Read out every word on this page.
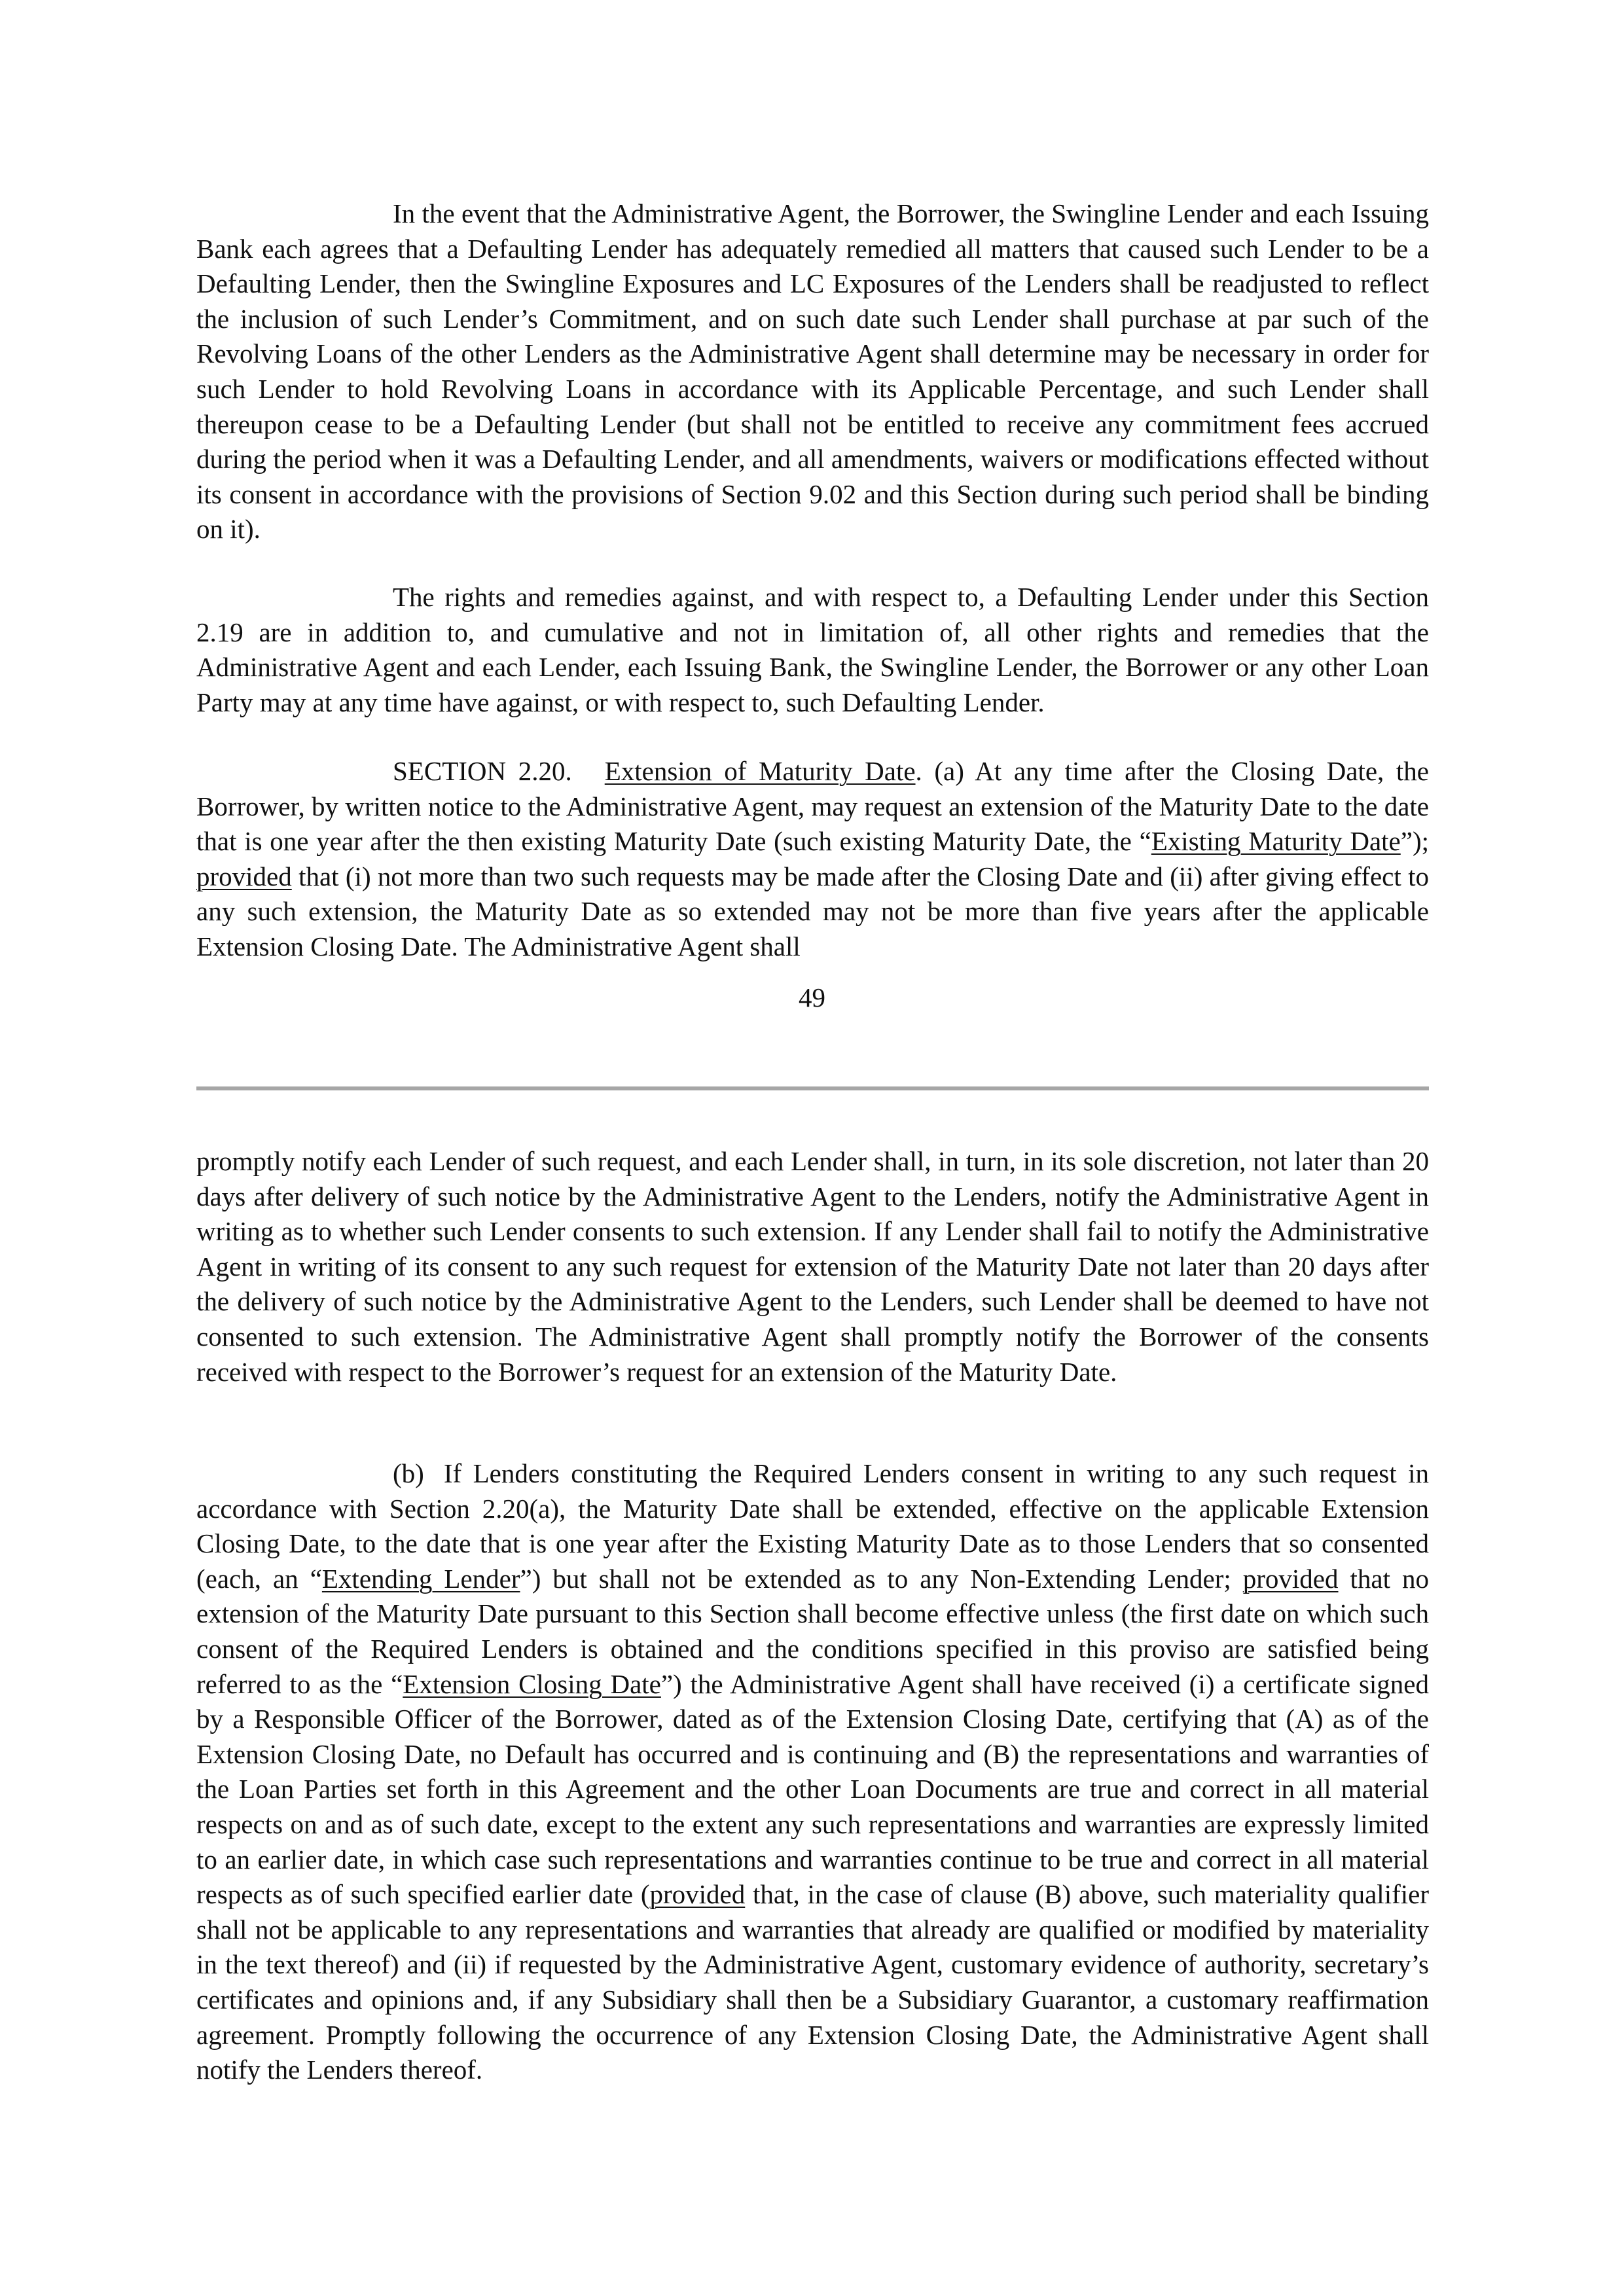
In the event that the Administrative Agent, the Borrower, the Swingline Lender and each Issuing Bank each agrees that a Defaulting Lender has adequately remedied all matters that caused such Lender to be a Defaulting Lender, then the Swingline Exposures and LC Exposures of the Lenders shall be readjusted to reflect the inclusion of such Lender’s Commitment, and on such date such Lender shall purchase at par such of the Revolving Loans of the other Lenders as the Administrative Agent shall determine may be necessary in order for such Lender to hold Revolving Loans in accordance with its Applicable Percentage, and such Lender shall thereupon cease to be a Defaulting Lender (but shall not be entitled to receive any commitment fees accrued during the period when it was a Defaulting Lender, and all amendments, waivers or modifications effected without its consent in accordance with the provisions of Section 9.02 and this Section during such period shall be binding on it).

The rights and remedies against, and with respect to, a Defaulting Lender under this Section 2.19 are in addition to, and cumulative and not in limitation of, all other rights and remedies that the Administrative Agent and each Lender, each Issuing Bank, the Swingline Lender, the Borrower or any other Loan Party may at any time have against, or with respect to, such Defaulting Lender.

SECTION 2.20. Extension of Maturity Date. (a) At any time after the Closing Date, the Borrower, by written notice to the Administrative Agent, may request an extension of the Maturity Date to the date that is one year after the then existing Maturity Date (such existing Maturity Date, the “Existing Maturity Date”); provided that (i) not more than two such requests may be made after the Closing Date and (ii) after giving effect to any such extension, the Maturity Date as so extended may not be more than five years after the applicable Extension Closing Date. The Administrative Agent shall

49

promptly notify each Lender of such request, and each Lender shall, in turn, in its sole discretion, not later than 20 days after delivery of such notice by the Administrative Agent to the Lenders, notify the Administrative Agent in writing as to whether such Lender consents to such extension. If any Lender shall fail to notify the Administrative Agent in writing of its consent to any such request for extension of the Maturity Date not later than 20 days after the delivery of such notice by the Administrative Agent to the Lenders, such Lender shall be deemed to have not consented to such extension. The Administrative Agent shall promptly notify the Borrower of the consents received with respect to the Borrower’s request for an extension of the Maturity Date.

(b) If Lenders constituting the Required Lenders consent in writing to any such request in accordance with Section 2.20(a), the Maturity Date shall be extended, effective on the applicable Extension Closing Date, to the date that is one year after the Existing Maturity Date as to those Lenders that so consented (each, an “Extending Lender”) but shall not be extended as to any Non-Extending Lender; provided that no extension of the Maturity Date pursuant to this Section shall become effective unless (the first date on which such consent of the Required Lenders is obtained and the conditions specified in this proviso are satisfied being referred to as the “Extension Closing Date”) the Administrative Agent shall have received (i) a certificate signed by a Responsible Officer of the Borrower, dated as of the Extension Closing Date, certifying that (A) as of the Extension Closing Date, no Default has occurred and is continuing and (B) the representations and warranties of the Loan Parties set forth in this Agreement and the other Loan Documents are true and correct in all material respects on and as of such date, except to the extent any such representations and warranties are expressly limited to an earlier date, in which case such representations and warranties continue to be true and correct in all material respects as of such specified earlier date (provided that, in the case of clause (B) above, such materiality qualifier shall not be applicable to any representations and warranties that already are qualified or modified by materiality in the text thereof) and (ii) if requested by the Administrative Agent, customary evidence of authority, secretary’s certificates and opinions and, if any Subsidiary shall then be a Subsidiary Guarantor, a customary reaffirmation agreement. Promptly following the occurrence of any Extension Closing Date, the Administrative Agent shall notify the Lenders thereof.
